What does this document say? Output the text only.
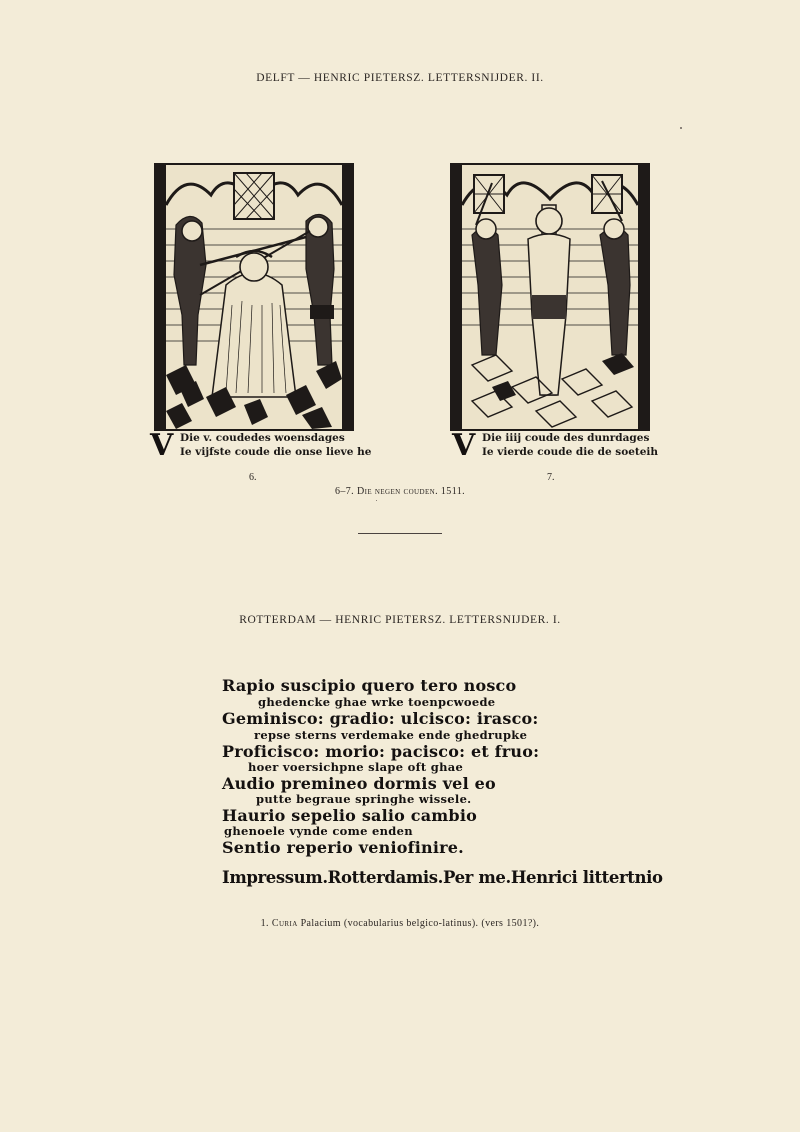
DELFT — HENRIC PIETERSZ. LETTERSNIJDER. II.
V Die v. coudedes woensdages
Ie vijfste coude die onse lieve he
6.
V Die iiij coude des dunrdages
Ie vierde coude die de soeteih
7.
6–7. Die negen couden. 1511.
ROTTERDAM — HENRIC PIETERSZ. LETTERSNIJDER. I.
Rapio suscipio quero tero nosco
ghedencke ghae wrke toenpcwoede
Geminisco: gradio: ulcisco: irasco:
repse sterns verdemake ende ghedrupke
Proficisco: morio: pacisco: et fruo:
hoer voersichpne slape oft ghae
Audio premineo dormis vel eo
putte begraue springhe wissele.
Haurio sepelio salio cambio
ghenoele vynde come enden
Sentio reperio veniofinire.
Impressum.Rotterdamis.Per me.Henrici littertnio
1. Curia Palacium (vocabularius belgico-latinus). (vers 1501?).
